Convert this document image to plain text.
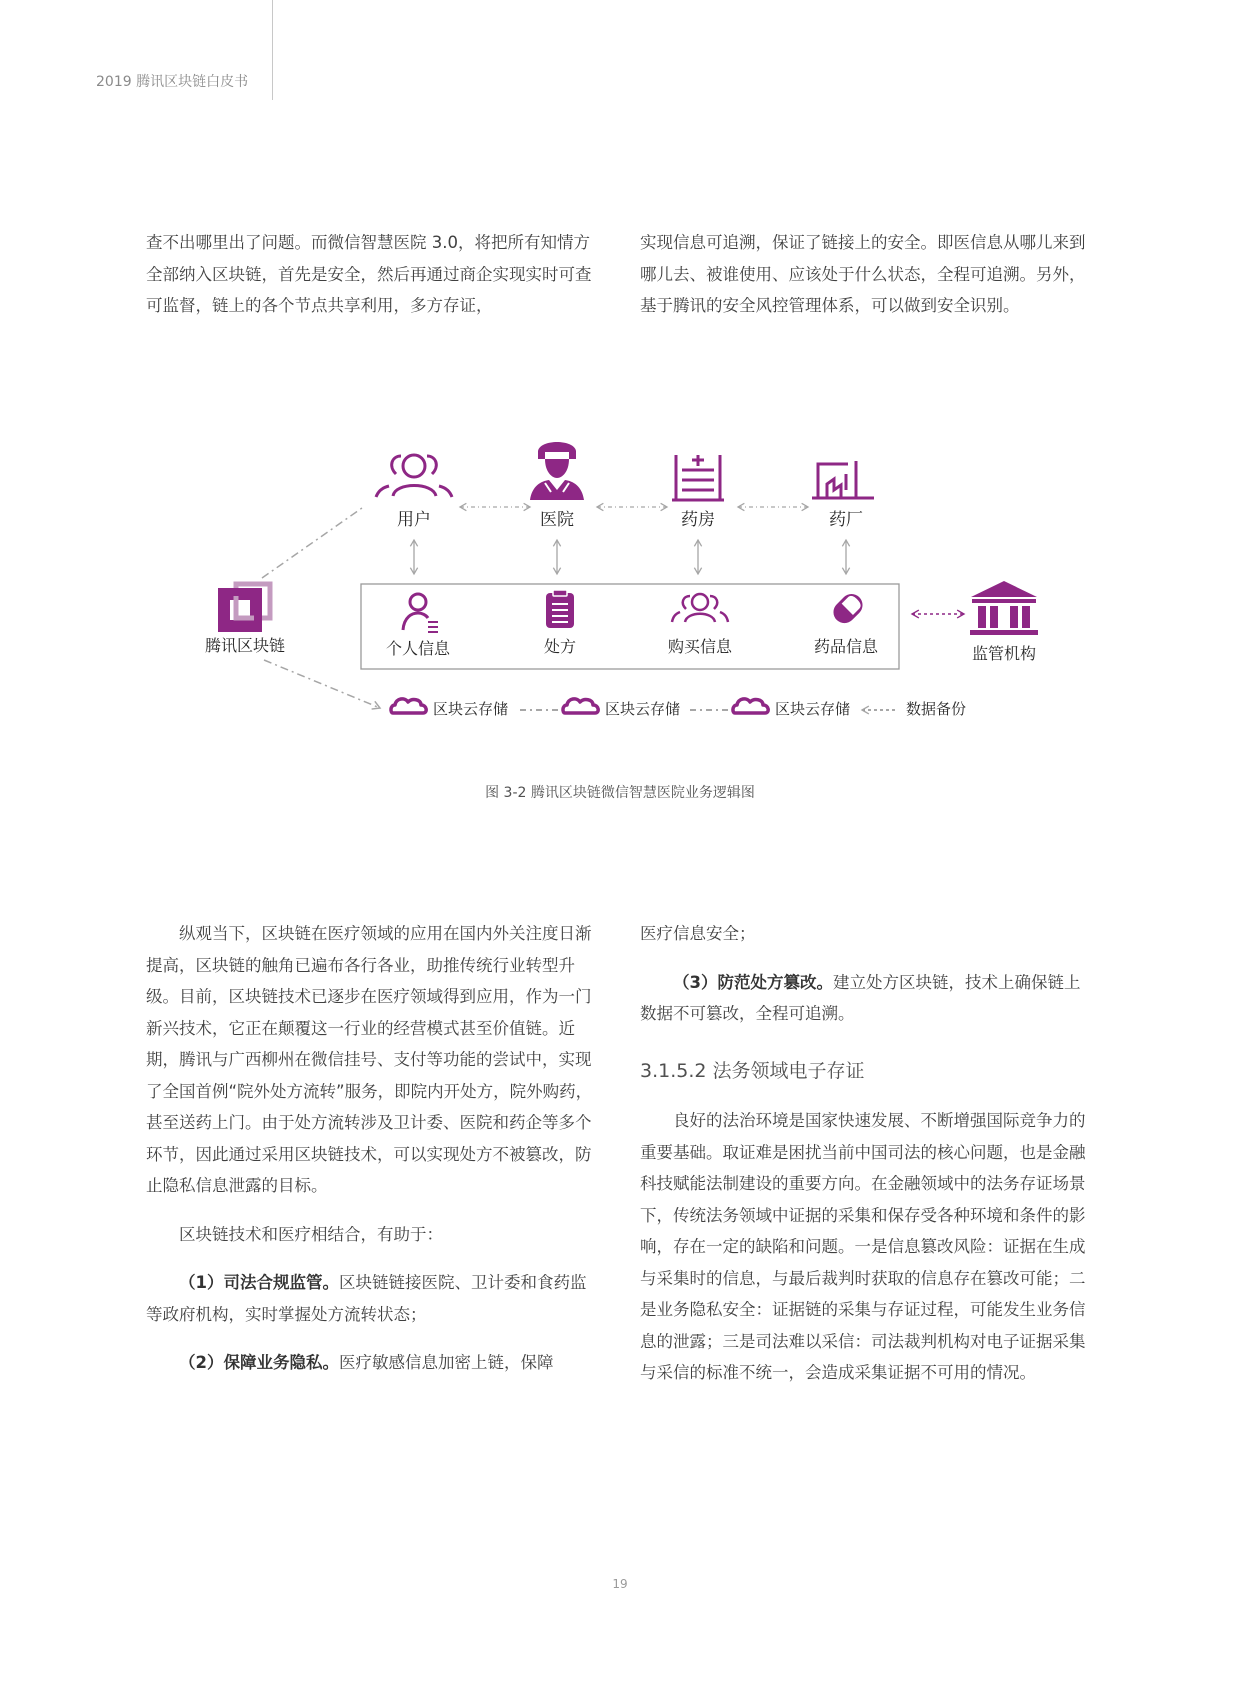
2019 腾讯区块链白皮书

查不出哪里出了问题。而微信智慧医院 3.0，将把所有知情方全部纳入区块链，首先是安全，然后再通过商企实现实时可查可监督，链上的各个节点共享利用，多方存证，

实现信息可追溯，保证了链接上的安全。即医信息从哪儿来到哪儿去、被谁使用、应该处于什么状态，全程可追溯。另外，基于腾讯的安全风控管理体系，可以做到安全识别。

用户	医院	药房	药厂
个人信息	处方	购买信息	药品信息
腾讯区块链	监管机构
区块云存储	区块云存储	区块云存储	数据备份
图 3-2 腾讯区块链微信智慧医院业务逻辑图

纵观当下，区块链在医疗领域的应用在国内外关注度日渐提高，区块链的触角已遍布各行各业，助推传统行业转型升级。目前，区块链技术已逐步在医疗领域得到应用，作为一门新兴技术，它正在颠覆这一行业的经营模式甚至价值链。近期，腾讯与广西柳州在微信挂号、支付等功能的尝试中，实现了全国首例“院外处方流转”服务，即院内开处方，院外购药，甚至送药上门。由于处方流转涉及卫计委、医院和药企等多个环节，因此通过采用区块链技术，可以实现处方不被篡改，防止隐私信息泄露的目标。

区块链技术和医疗相结合，有助于：

（1）司法合规监管。区块链链接医院、卫计委和食药监等政府机构，实时掌握处方流转状态；

（2）保障业务隐私。医疗敏感信息加密上链，保障

医疗信息安全；

（3）防范处方篡改。建立处方区块链，技术上确保链上数据不可篡改，全程可追溯。

3.1.5.2 法务领域电子存证

良好的法治环境是国家快速发展、不断增强国际竞争力的重要基础。取证难是困扰当前中国司法的核心问题，也是金融科技赋能法制建设的重要方向。在金融领域中的法务存证场景下，传统法务领域中证据的采集和保存受各种环境和条件的影响，存在一定的缺陷和问题。一是信息篡改风险：证据在生成与采集时的信息，与最后裁判时获取的信息存在篡改可能；二是业务隐私安全：证据链的采集与存证过程，可能发生业务信息的泄露；三是司法难以采信：司法裁判机构对电子证据采集与采信的标准不统一，会造成采集证据不可用的情况。

19
